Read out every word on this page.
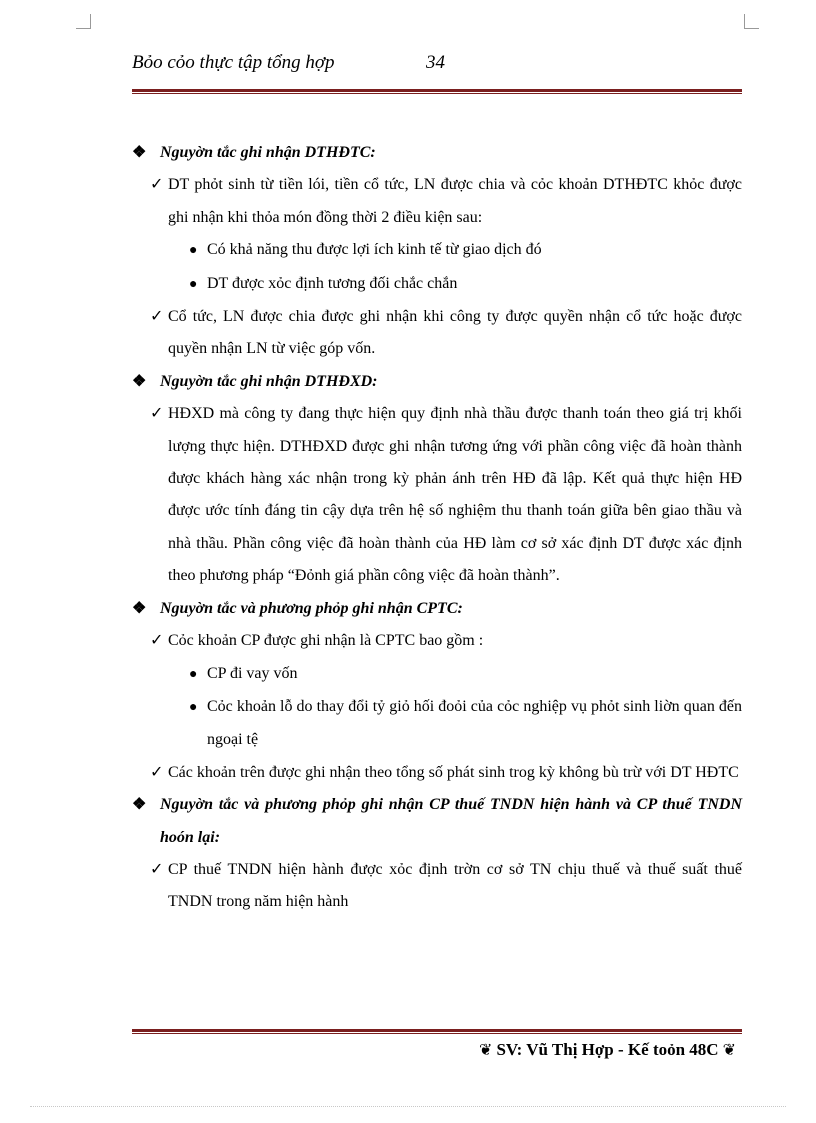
Bỏo cỏo thực tập tổng hợp	34
❖ Nguyờn tắc ghi nhận DTHĐTC:
✓ DT phỏt sinh từ tiền lói, tiền cổ tức, LN được chia và cỏc khoản DTHĐTC khỏc được ghi nhận khi thỏa món đồng thời 2 điều kiện sau:
● Có khả năng thu được lợi ích kinh tế từ giao dịch đó
● DT được xỏc định tương đối chắc chắn
✓ Cổ tức, LN được chia được ghi nhận khi công ty được quyền nhận cổ tức hoặc được quyền nhận LN từ việc góp vốn.
❖ Nguyờn tắc ghi nhận DTHĐXD:
✓ HĐXD mà công ty đang thực hiện quy định nhà thầu được thanh toán theo giá trị khối lượng thực hiện. DTHĐXD được ghi nhận tương ứng với phần công việc đã hoàn thành được khách hàng xác nhận trong kỳ phản ánh trên HĐ đã lập. Kết quả thực hiện HĐ được ước tính đáng tin cậy dựa trên hệ số nghiệm thu thanh toán giữa bên giao thầu và nhà thầu. Phần công việc đã hoàn thành của HĐ làm cơ sở xác định DT được xác định theo phương pháp “Đỏnh giá phần công việc đã hoàn thành”.
❖ Nguyờn tắc và phương phỏp ghi nhận CPTC:
✓ Cỏc khoản CP được ghi nhận là CPTC bao gồm :
● CP đi vay vốn
● Cỏc khoản lỗ do thay đổi tỷ giỏ hối đoỏi của cỏc nghiệp vụ phỏt sinh liờn quan đến ngoại tệ
✓ Các khoản trên được ghi nhận theo tổng số phát sinh trog kỳ không bù trừ với DT HĐTC
❖ Nguyờn tắc và phương phỏp ghi nhận CP thuế TNDN hiện hành và CP thuế TNDN hoón lại:
✓ CP thuế TNDN hiện hành được xỏc định trờn cơ sở TN chịu thuế và thuế suất thuế TNDN trong năm hiện hành
❦ SV: Vũ Thị Hợp - Kế toỏn 48C ❦
